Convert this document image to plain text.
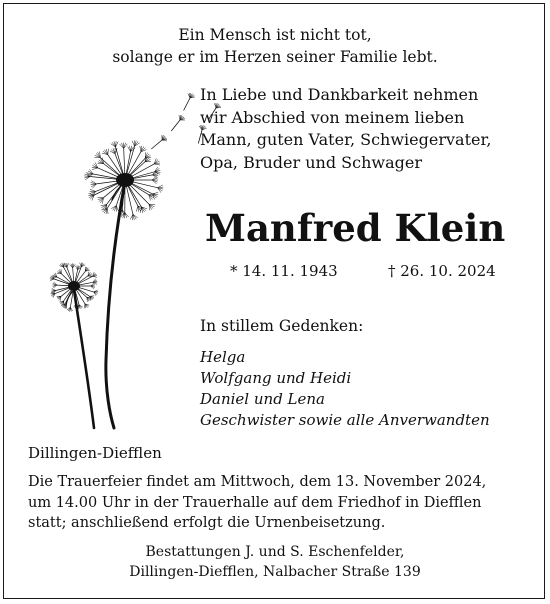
Ein Mensch ist nicht tot,
solange er im Herzen seiner Familie lebt.
In Liebe und Dankbarkeit nehmen
wir Abschied von meinem lieben
Mann, guten Vater, Schwiegervater,
Opa, Bruder und Schwager
Manfred Klein
* 14. 11. 1943	† 26. 10. 2024
In stillem Gedenken:
Helga
Wolfgang und Heidi
Daniel und Lena
Geschwister sowie alle Anverwandten
Dillingen-Diefflen
Die Trauerfeier findet am Mittwoch, dem 13. November 2024,
um 14.00 Uhr in der Trauerhalle auf dem Friedhof in Diefflen
statt; anschließend erfolgt die Urnenbeisetzung.
Bestattungen J. und S. Eschenfelder,
Dillingen-Diefflen, Nalbacher Straße 139
